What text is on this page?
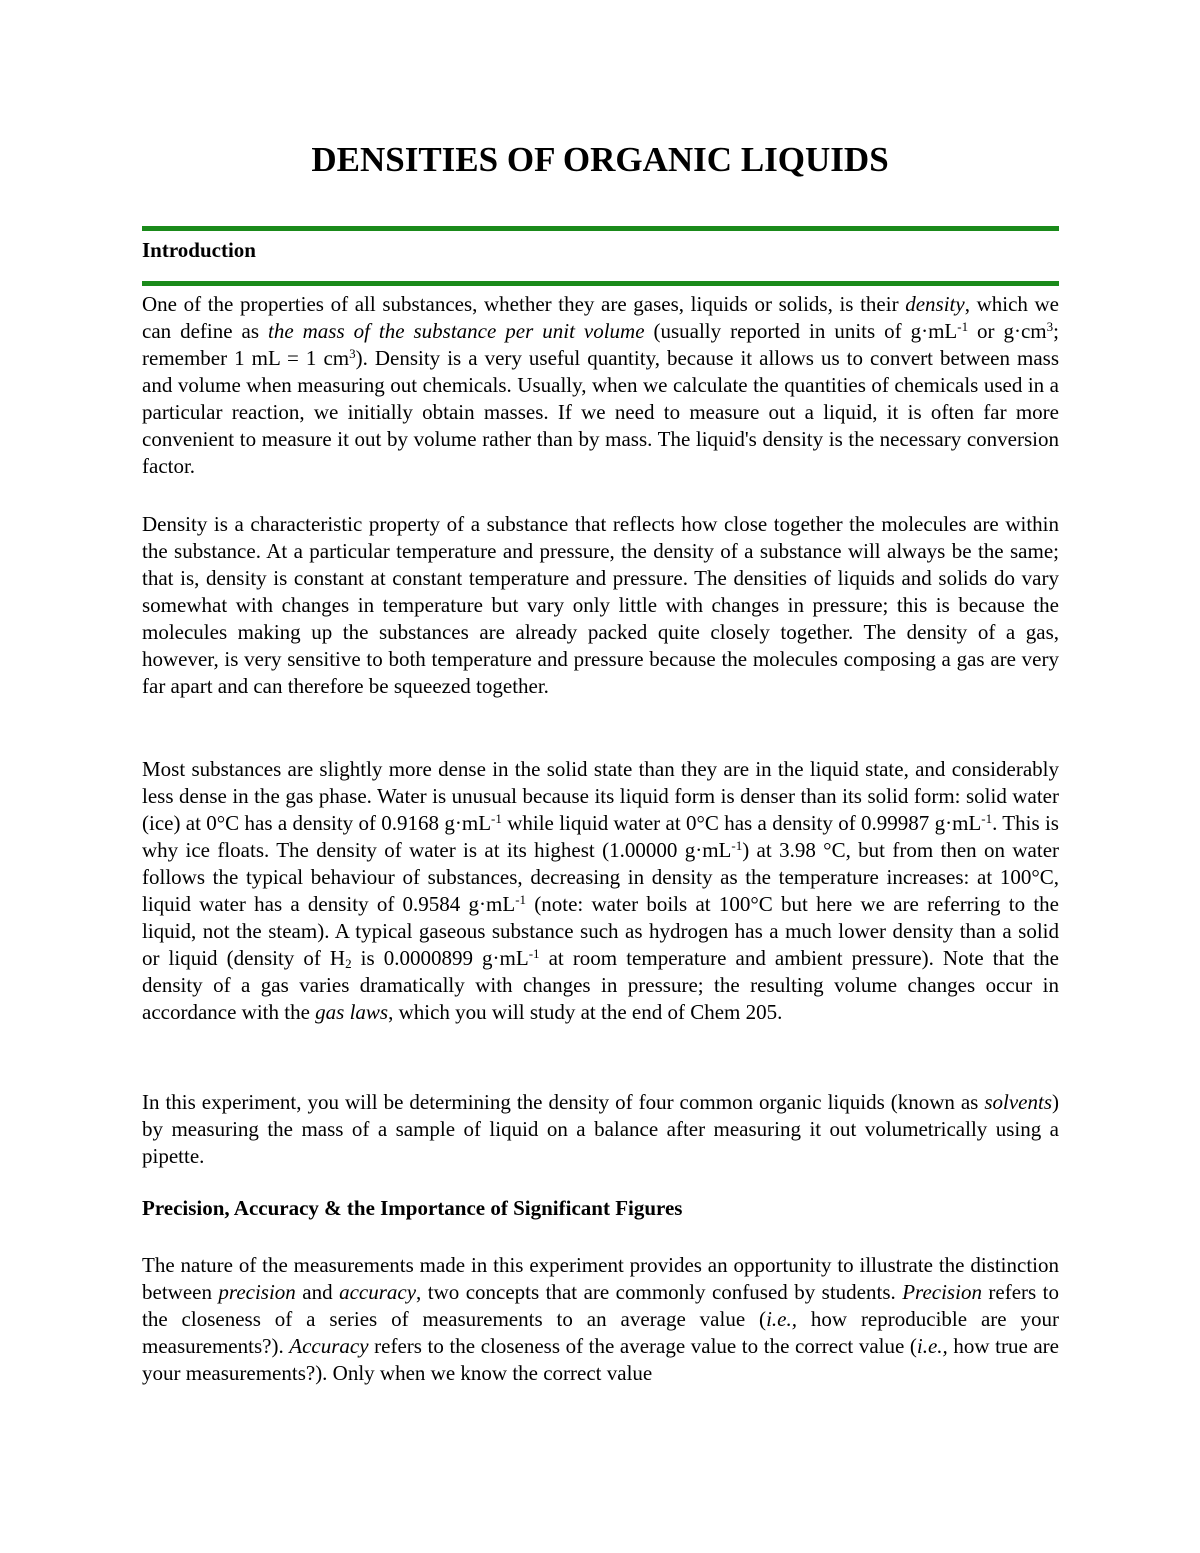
DENSITIES OF ORGANIC LIQUIDS
Introduction
One of the properties of all substances, whether they are gases, liquids or solids, is their density, which we can define as the mass of the substance per unit volume (usually reported in units of $g\cdot mL^{-1}$ or $g\cdot cm^3$; remember 1 mL = 1 $cm^3$). Density is a very useful quantity, because it allows us to convert between mass and volume when measuring out chemicals. Usually, when we calculate the quantities of chemicals used in a particular reaction, we initially obtain masses. If we need to measure out a liquid, it is often far more convenient to measure it out by volume rather than by mass. The liquid's density is the necessary conversion factor.
Density is a characteristic property of a substance that reflects how close together the molecules are within the substance. At a particular temperature and pressure, the density of a substance will always be the same; that is, density is constant at constant temperature and pressure. The densities of liquids and solids do vary somewhat with changes in temperature but vary only little with changes in pressure; this is because the molecules making up the substances are already packed quite closely together. The density of a gas, however, is very sensitive to both temperature and pressure because the molecules composing a gas are very far apart and can therefore be squeezed together.
Most substances are slightly more dense in the solid state than they are in the liquid state, and considerably less dense in the gas phase. Water is unusual because its liquid form is denser than its solid form: solid water (ice) at 0°C has a density of 0.9168 $g\cdot mL^{-1}$ while liquid water at 0°C has a density of 0.99987 $g\cdot mL^{-1}$. This is why ice floats. The density of water is at its highest (1.00000 $g\cdot mL^{-1}$) at 3.98 °C, but from then on water follows the typical behaviour of substances, decreasing in density as the temperature increases: at 100°C, liquid water has a density of 0.9584 $g\cdot mL^{-1}$ (note: water boils at 100°C but here we are referring to the liquid, not the steam). A typical gaseous substance such as hydrogen has a much lower density than a solid or liquid (density of $H_2$ is 0.0000899 $g\cdot mL^{-1}$ at room temperature and ambient pressure). Note that the density of a gas varies dramatically with changes in pressure; the resulting volume changes occur in accordance with the gas laws, which you will study at the end of Chem 205.
In this experiment, you will be determining the density of four common organic liquids (known as solvents) by measuring the mass of a sample of liquid on a balance after measuring it out volumetrically using a pipette.
Precision, Accuracy & the Importance of Significant Figures
The nature of the measurements made in this experiment provides an opportunity to illustrate the distinction between precision and accuracy, two concepts that are commonly confused by students. Precision refers to the closeness of a series of measurements to an average value (i.e., how reproducible are your measurements?). Accuracy refers to the closeness of the average value to the correct value (i.e., how true are your measurements?). Only when we know the correct value
